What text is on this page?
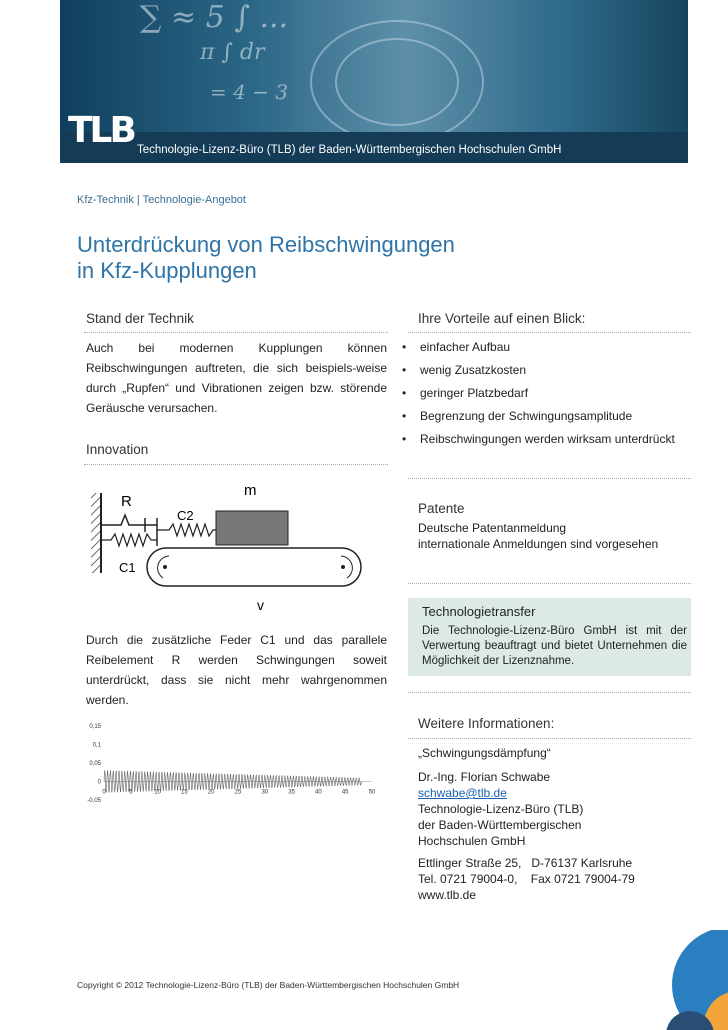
∑ ≈ 5 ∫ ...
π ∫ dr
= 4 − 3
TLB Technologie-Lizenz-Büro (TLB) der Baden-Württembergischen Hochschulen GmbH
Kfz-Technik | Technologie-Angebot
Unterdrückung von Reibschwingungen
in Kfz-Kupplungen
Stand der Technik
Auch bei modernen Kupplungen können Reibschwingungen auftreten, die sich beispiels-weise durch „Rupfen“ und Vibrationen zeigen bzw. störende Geräusche verursachen.
Innovation
R
m
C2
C1
v
Durch die zusätzliche Feder C1 und das parallele Reibelement R werden Schwingungen soweit unterdrückt, dass sie nicht mehr wahrgenommen werden.
0,15
0,1
0,05
0
-0,05
0	5	10	15	20	25	30	35	40	45	50
Ihre Vorteile auf einen Blick:
• einfacher Aufbau
• wenig Zusatzkosten
• geringer Platzbedarf
• Begrenzung der Schwingungsamplitude
• Reibschwingungen werden wirksam unterdrückt
Patente
Deutsche Patentanmeldung
internationale Anmeldungen sind vorgesehen
Technologietransfer
Die Technologie-Lizenz-Büro GmbH ist mit der Verwertung beauftragt und bietet Unternehmen die Möglichkeit der Lizenznahme.
Weitere Informationen:
„Schwingungsdämpfung“
Dr.-Ing. Florian Schwabe
schwabe@tlb.de
Technologie-Lizenz-Büro (TLB)
der Baden-Württembergischen
Hochschulen GmbH
Ettlinger Straße 25,   D-76137 Karlsruhe
Tel. 0721 79004-0,    Fax 0721 79004-79
www.tlb.de
Copyright © 2012 Technologie-Lizenz-Büro (TLB) der Baden-Württembergischen Hochschulen GmbH
